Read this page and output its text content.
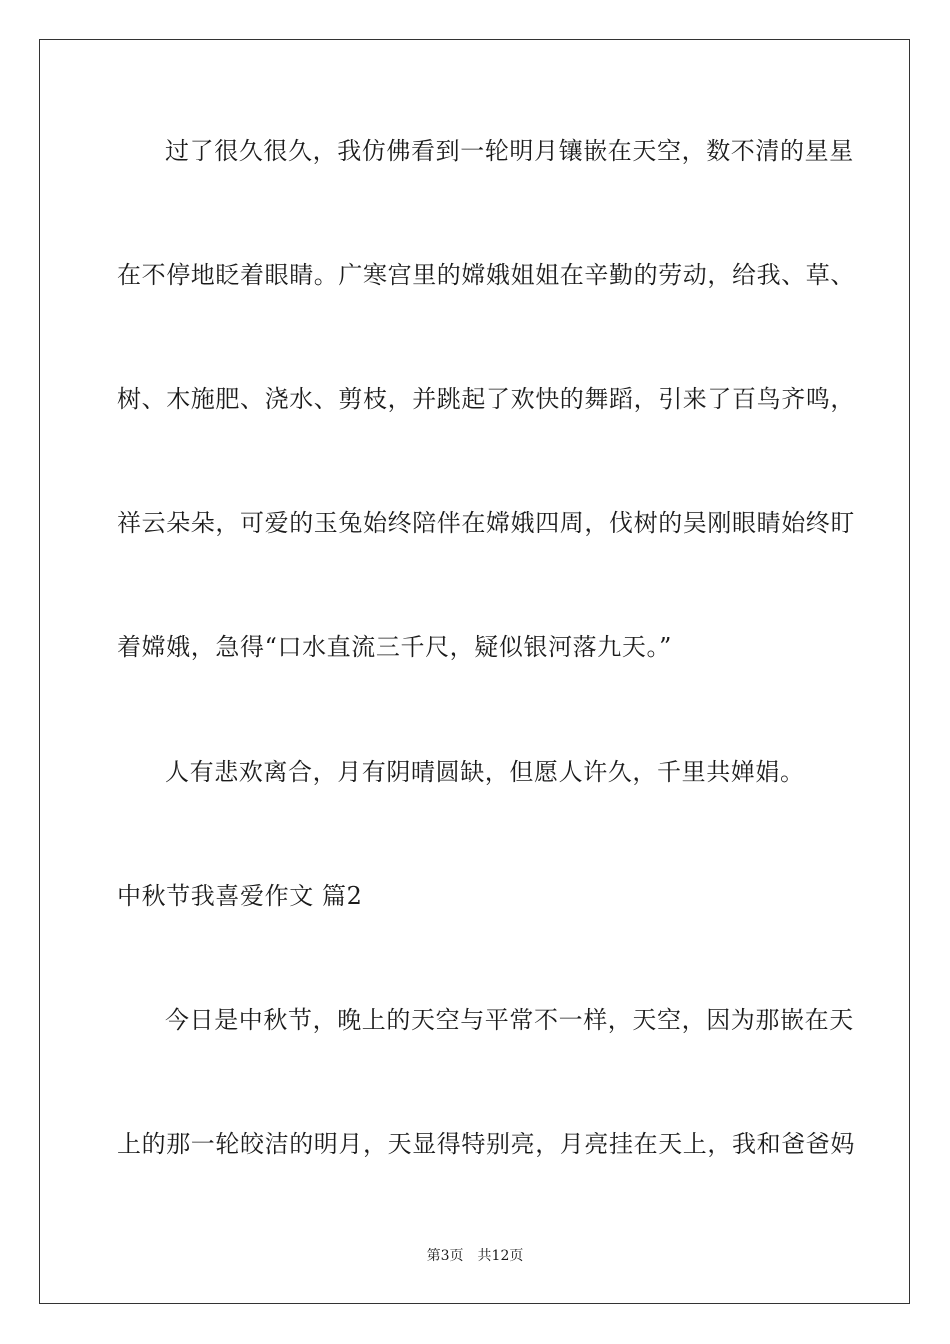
过了很久很久，我仿佛看到一轮明月镶嵌在天空，数不清的星星
在不停地眨着眼睛。广寒宫里的嫦娥姐姐在辛勤的劳动，给我、草、
树、木施肥、浇水、剪枝，并跳起了欢快的舞蹈，引来了百鸟齐鸣，
祥云朵朵，可爱的玉兔始终陪伴在嫦娥四周，伐树的吴刚眼睛始终盯
着嫦娥，急得“口水直流三千尺，疑似银河落九天。”
人有悲欢离合，月有阴晴圆缺，但愿人许久，千里共婵娟。
中秋节我喜爱作文 篇2
今日是中秋节，晚上的天空与平常不一样，天空，因为那嵌在天
上的那一轮皎洁的明月，天显得特别亮，月亮挂在天上，我和爸爸妈
第3页 共12页
